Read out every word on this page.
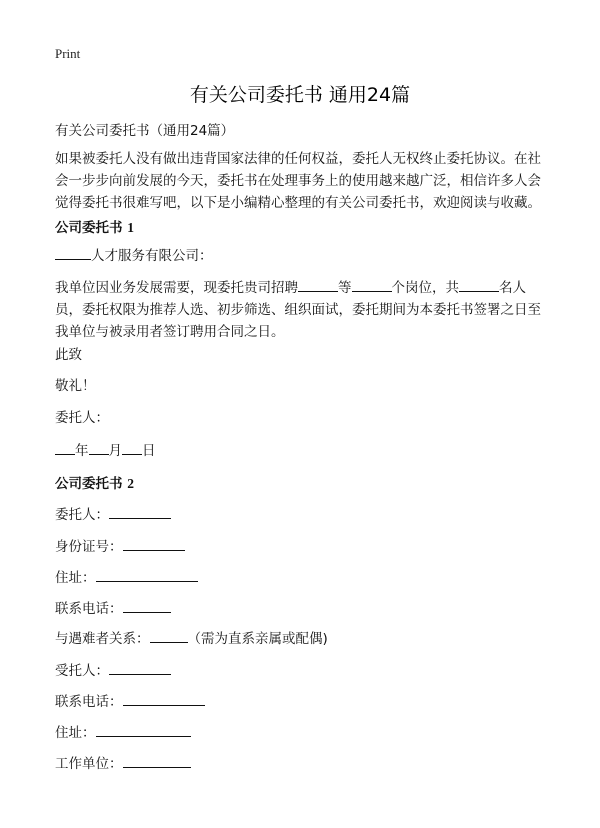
Print
有关公司委托书 通用24篇
有关公司委托书（通用24篇）
如果被委托人没有做出违背国家法律的任何权益，委托人无权终止委托协议。在社会一步步向前发展的今天，委托书在处理事务上的使用越来越广泛，相信许多人会觉得委托书很难写吧，以下是小编精心整理的有关公司委托书，欢迎阅读与收藏。
公司委托书 1
人才服务有限公司：
我单位因业务发展需要，现委托贵司招聘	等	个岗位，共	名人员，委托权限为推荐人选、初步筛选、组织面试，委托期间为本委托书签署之日至我单位与被录用者签订聘用合同之日。
此致
敬礼！
委托人：
年 月 日
公司委托书 2
委托人：
身份证号：
住址：
联系电话：
与遇难者关系：	（需为直系亲属或配偶)
受托人：
联系电话：
住址：
工作单位：
